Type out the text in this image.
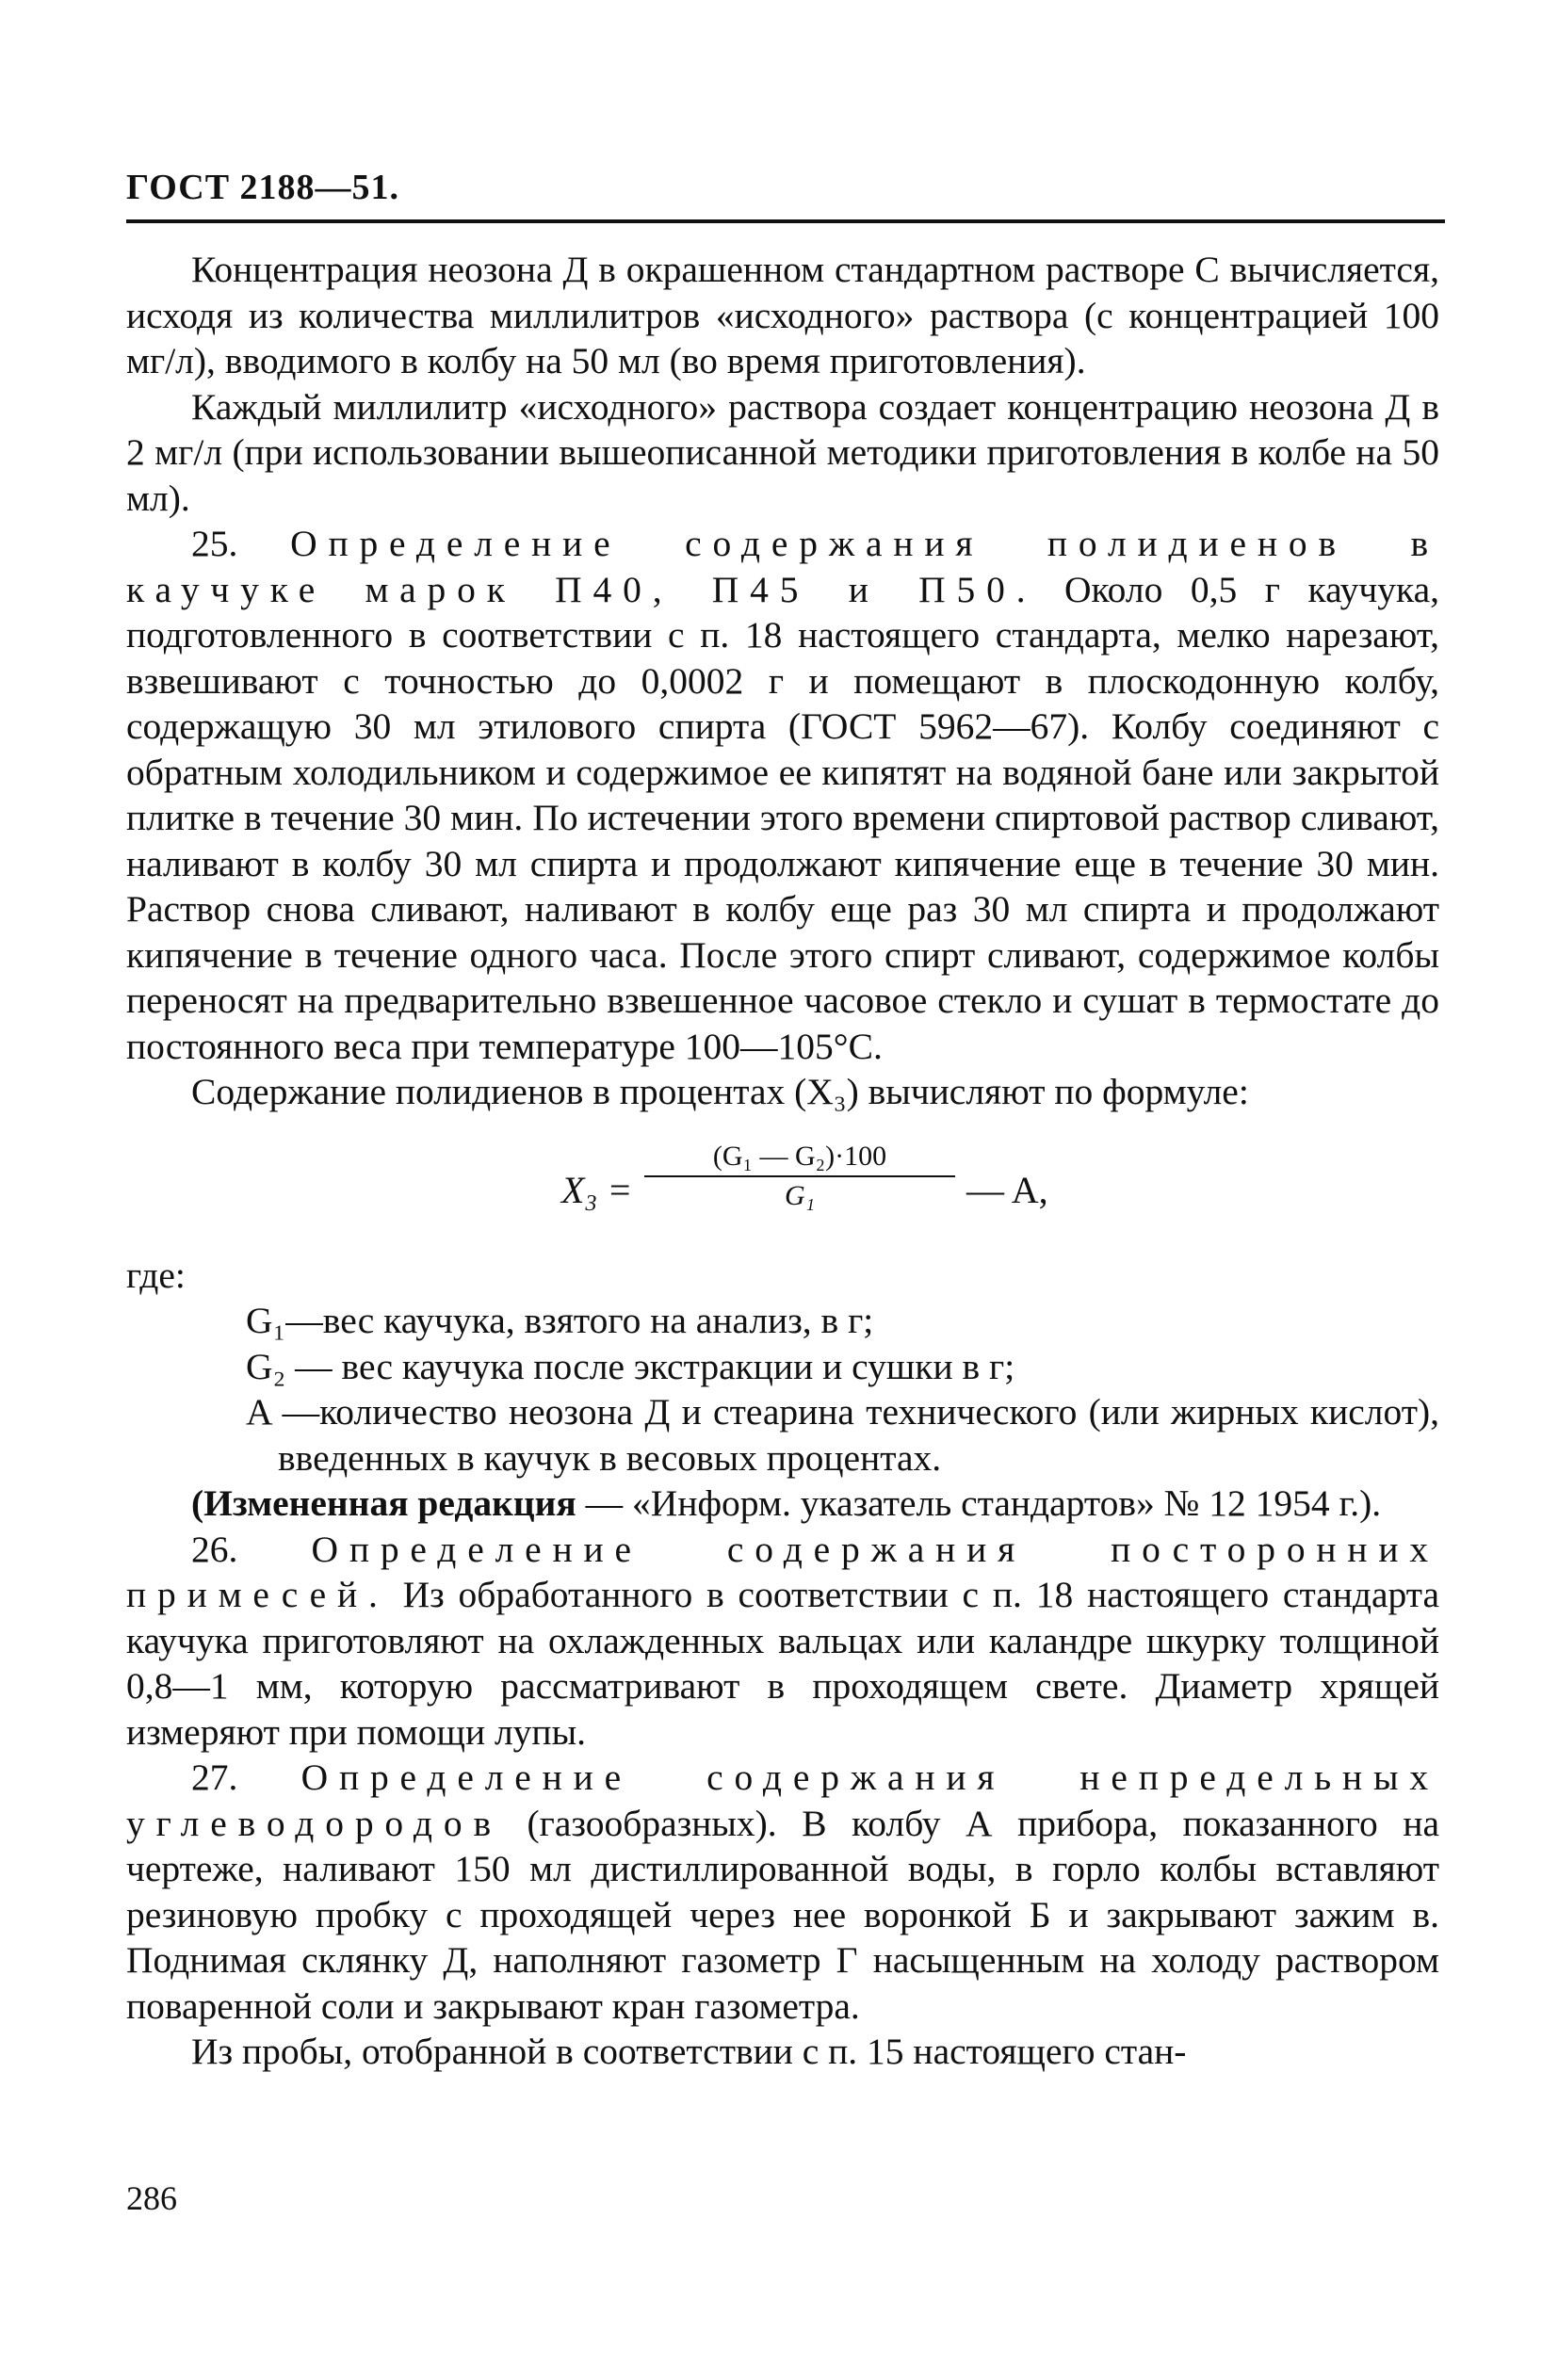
ГОСТ 2188—51.

Концентрация неозона Д в окрашенном стандартном растворе С вычисляется, исходя из количества миллилитров «исходного» раствора (с концентрацией 100 мг/л), вводимого в колбу на 50 мл (во время приготовления).

Каждый миллилитр «исходного» раствора создает концентрацию неозона Д в 2 мг/л (при использовании вышеописанной методики приготовления в колбе на 50 мл).

25. Определение содержания полидиенов в каучуке марок П40, П45 и П50. Около 0,5 г каучука, подготовленного в соответствии с п. 18 настоящего стандарта, мелко нарезают, взвешивают с точностью до 0,0002 г и помещают в плоскодонную колбу, содержащую 30 мл этилового спирта (ГОСТ 5962—67). Колбу соединяют с обратным холодильником и содержимое ее кипятят на водяной бане или закрытой плитке в течение 30 мин. По истечении этого времени спиртовой раствор сливают, наливают в колбу 30 мл спирта и продолжают кипячение еще в течение 30 мин. Раствор снова сливают, наливают в колбу еще раз 30 мл спирта и продолжают кипячение в течение одного часа. После этого спирт сливают, содержимое колбы переносят на предварительно взвешенное часовое стекло и сушат в термостате до постоянного веса при температуре 100—105°С.

Содержание полидиенов в процентах (Х₃) вычисляют по формуле:

$X_3 = \frac{\text{(G₁ — G₂)·100}}{\text{G₁}}$ — A,

где:

G₁—вес каучука, взятого на анализ, в г;

G₂ — вес каучука после экстракции и сушки в г;

A —количество неозона Д и стеарина технического (или жирных кислот), введенных в каучук в весовых процентах.

(Измененная редакция — «Информ. указатель стандартов» № 12 1954 г.).

26. Определение содержания посторонних примесей. Из обработанного в соответствии с п. 18 настоящего стандарта каучука приготовляют на охлажденных вальцах или каландре шкурку толщиной 0,8—1 мм, которую рассматривают в проходящем свете. Диаметр хрящей измеряют при помощи лупы.

27. Определение содержания непредельных углеводородов (газообразных). В колбу А прибора, показанного на чертеже, наливают 150 мл дистиллированной воды, в горло колбы вставляют резиновую пробку с проходящей через нее воронкой Б и закрывают зажим в. Поднимая склянку Д, наполняют газометр Г насыщенным на холоду раствором поваренной соли и закрывают кран газометра.

Из пробы, отобранной в соответствии с п. 15 настоящего стан-

286
